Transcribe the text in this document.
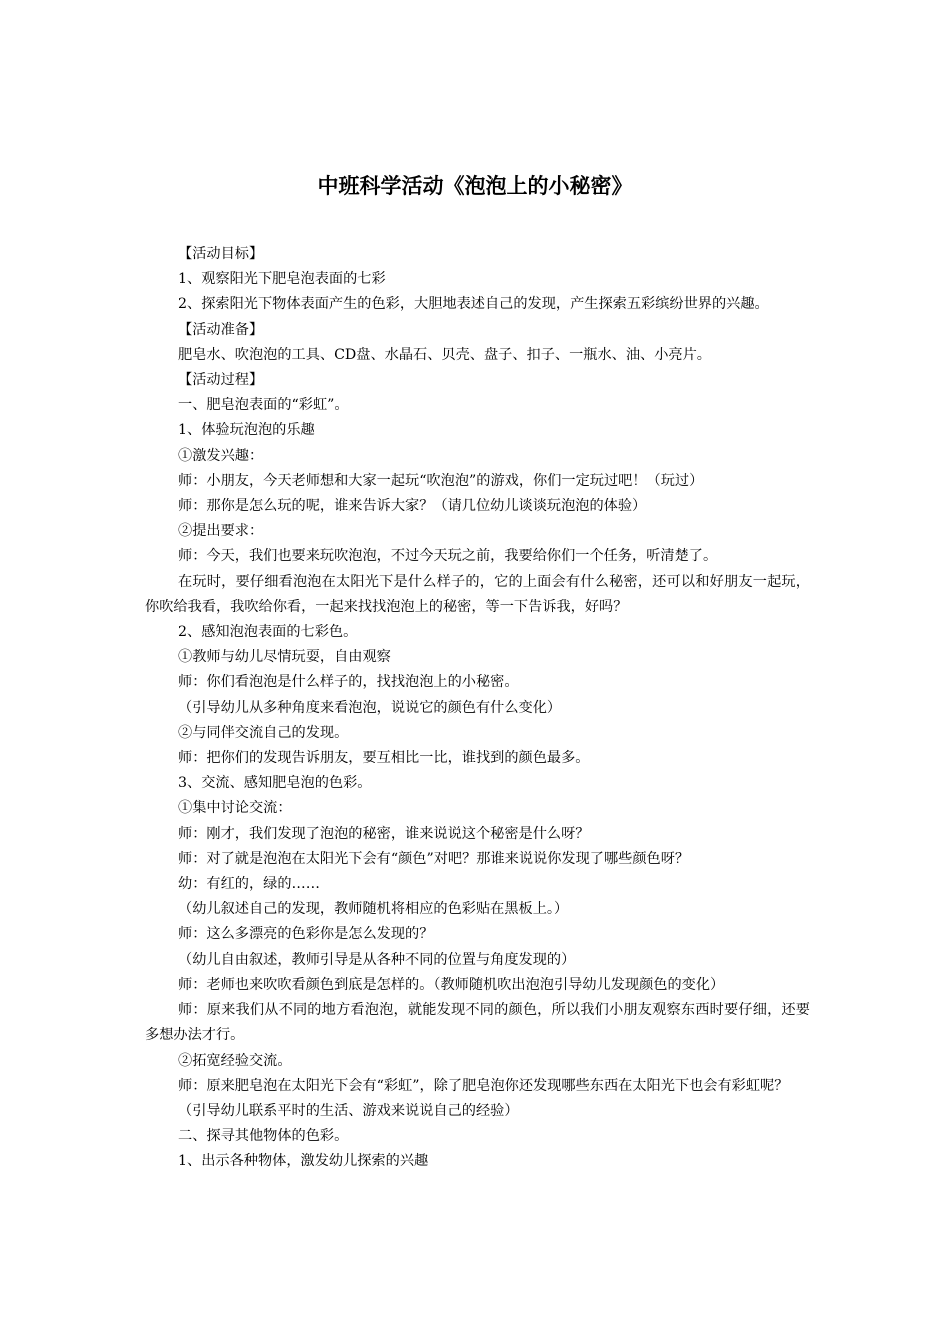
中班科学活动《泡泡上的小秘密》

【活动目标】

1、观察阳光下肥皂泡表面的七彩

2、探索阳光下物体表面产生的色彩，大胆地表述自己的发现，产生探索五彩缤纷世界的兴趣。

【活动准备】

肥皂水、吹泡泡的工具、CD盘、水晶石、贝壳、盘子、扣子、一瓶水、油、小亮片。

【活动过程】

一、肥皂泡表面的“彩虹”。

1、体验玩泡泡的乐趣

①激发兴趣：

师：小朋友，今天老师想和大家一起玩“吹泡泡”的游戏，你们一定玩过吧！（玩过）

师：那你是怎么玩的呢，谁来告诉大家？（请几位幼儿谈谈玩泡泡的体验）

②提出要求：

师：今天，我们也要来玩吹泡泡，不过今天玩之前，我要给你们一个任务，听清楚了。

在玩时，要仔细看泡泡在太阳光下是什么样子的，它的上面会有什么秘密，还可以和好朋友一起玩，你吹给我看，我吹给你看，一起来找找泡泡上的秘密，等一下告诉我，好吗？

2、感知泡泡表面的七彩色。

①教师与幼儿尽情玩耍，自由观察

师：你们看泡泡是什么样子的，找找泡泡上的小秘密。

（引导幼儿从多种角度来看泡泡，说说它的颜色有什么变化）

②与同伴交流自己的发现。

师：把你们的发现告诉朋友，要互相比一比，谁找到的颜色最多。

3、交流、感知肥皂泡的色彩。

①集中讨论交流：

师：刚才，我们发现了泡泡的秘密，谁来说说这个秘密是什么呀？

师：对了就是泡泡在太阳光下会有“颜色”对吧？那谁来说说你发现了哪些颜色呀？

幼：有红的，绿的……

（幼儿叙述自己的发现，教师随机将相应的色彩贴在黑板上。）

师：这么多漂亮的色彩你是怎么发现的？

（幼儿自由叙述，教师引导是从各种不同的位置与角度发现的）

师：老师也来吹吹看颜色到底是怎样的。（教师随机吹出泡泡引导幼儿发现颜色的变化）

师：原来我们从不同的地方看泡泡，就能发现不同的颜色，所以我们小朋友观察东西时要仔细，还要多想办法才行。

②拓宽经验交流。

师：原来肥皂泡在太阳光下会有“彩虹”，除了肥皂泡你还发现哪些东西在太阳光下也会有彩虹呢？

（引导幼儿联系平时的生活、游戏来说说自己的经验）

二、探寻其他物体的色彩。

1、出示各种物体，激发幼儿探索的兴趣
